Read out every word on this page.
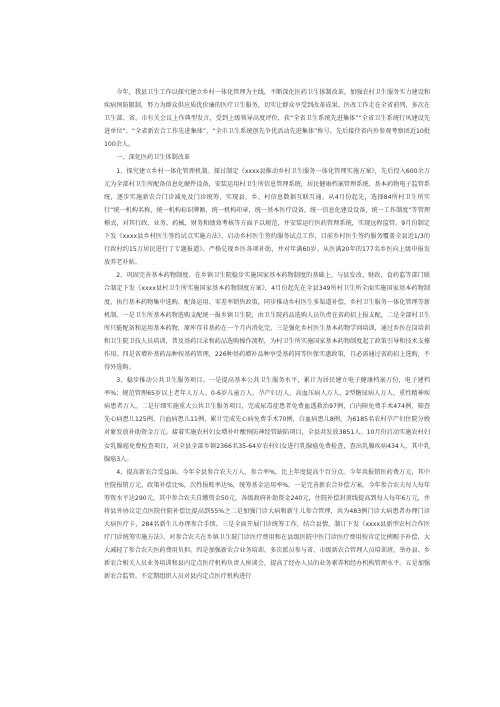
今年，我县卫生工作以探究建立乡村一体化管理为主线，不断深化医药卫生体制改革，加强农村卫生服务实力建设和疾病预防限制，努力为群众供应质优价廉的医疗卫生服务，切实让群众享受到改革成果。医改工作走在全省前列，多次在卫生部、省、市有关会议上作典型发言，受到上级领导高度评价，获“全省卫生系统先进集体”“全省卫生系统行风建设先进单位”、“全省新农合工作先进集体”，“全市卫生系统创先争优活动先进集体”称号。先后接待省内外参观考察团近10批100余人。

一、深化医药卫生体制改革

1、探究建立乡村一体化管理机制。探讨制定《xxxx县推动乡村卫生服务一体化管理实施方案》，先后投入600余万元为全部村卫生所配备信息化硬件设备，安装运用村卫生所信息管理系统，居民健康档案管理系统、基本药物电子监管系统，逐步实施新农合门诊减免及门诊统筹，实现县、乡、村信息数据互联互通。从4月份起先，选择84所村卫生所实行“统一机构名称，统一机构标识牌匾，统一机构印章，统一基本医疗设备，统一信息化建设设备，统一工作制度”等管理模式，对其行政、业务、药械、财务和绩效考核等方面予以规范，并安装运行医药管理系统，实现远程监管。9月份制定下发《xxxx县乡村医生签约试点实施方法》，启动乡村医生签约服务试点工作，目前乡村医生签约服务覆盖全县近1/3的行政村约15万居民进行了专题报道》。严格兑现乡医各项补助，并对年满60岁、从医满20年的177名乡医向上级申报发放养老补贴。

2、巩固完善基本药物制度。在乡镇卫生院稳步实施国家基本药物制度的基础上，与县发改、财政、食药监等部门联合制定下发《xxxx县村卫生所实施国家基本药物制度方案》，4月份起先在全县349所村卫生所全面实施国家基本药物制度，执行基本药物集中选购、配备运用、零差率销售政策，同步推动乡村医生多渠道补偿，乡村卫生服务一体化管理等新机制。一是卫生所基本药物选购支配统一报乡镇卫生院，由卫生院药品选购人员负责在省药招上报支配，二是全部村卫生所只能配备和运用基本药物，原库存非基药在一个月内消化完，三是强化乡村医生基本药物学问培训，通过乡医在岗培训和卫生院卫技人员培训，普及基药目录和药品选购操作流程，为村卫生所实施国家基本药物制度起了政策引导和技术支撑作用。四是省增补基药品种按基药管理，226种基药增补品种享受基药同等医保实惠政策，且必需通过省药招上选购，不得外选购。

3、稳步推动公共卫生服务项目。一是提高基本公共卫生服务水平，累计为居民建立电子健康档案万份，电子建档率%；规范管理65岁以上老年人万人、0-6岁儿童万人、孕产妇万人、高血压病人万人、2型糖尿病人万人、重性精神疾病患者万人。二是仔细实施重大公共卫生服务项目，完成尿毒症患者免费血透救治97例，白内障免费手术474例，筛查先心病患儿125例，白血病患儿11例，累计完成先心病免费手术70例，白血病患儿8例，为6185名农村孕产妇住院分娩对象发放补助资金万元。接着实施农村妇女增补叶酸预防神经管缺陷项目，全县共发放3851人。10月份启动实施农村妇女乳腺癌免费检查项目，对全县全部乡镇2366名35-64岁农村妇女进行乳腺癌免费检查，查出乳腺疾病434人，其中乳腺癌3人。

4、提高新农合受益面。今年全县参合农夫万人，参合率%，比上年度提高个百分点。今年共报销医药费万元，其中住院报销万元，政策补偿比%，次性报账率达%，统筹基金运用率%。一是完善新农合补偿方案。今年参合农夫每人每年筹资水平达290元，其中参合农夫自缴资金50元，各级政府补助资金240元，住院补偿封顶线提高到每人每年6万元，并将县外协议定点医院住院补偿比提高到55%之二是加强门诊大病和新生儿参合管理，共为483例门诊大病患者办理门诊大病医疗卡，284名新生儿办理参合手续。三是全面开展门诊统筹工作，结合县情，制订下发《xxxx县新型农村合作医疗门诊统筹实施方法》，对参合农夫在乡镇卫生院门诊医疗费用和在县级医院中医门诊医疗费用按肯定比例赐予补偿，大大减轻了参合农夫医药费用负担。四是加强新农合业务培训。多次派员参与省、市级新农合管理人员培训班，举办县、乡新农合相关人员业务培训和县内定点医疗机构负责人座谈会，提高了经办人员的业务素养和经办机构管理水平。五是加强新农合监管。不定期组织人员对县内定点医疗机构进行
